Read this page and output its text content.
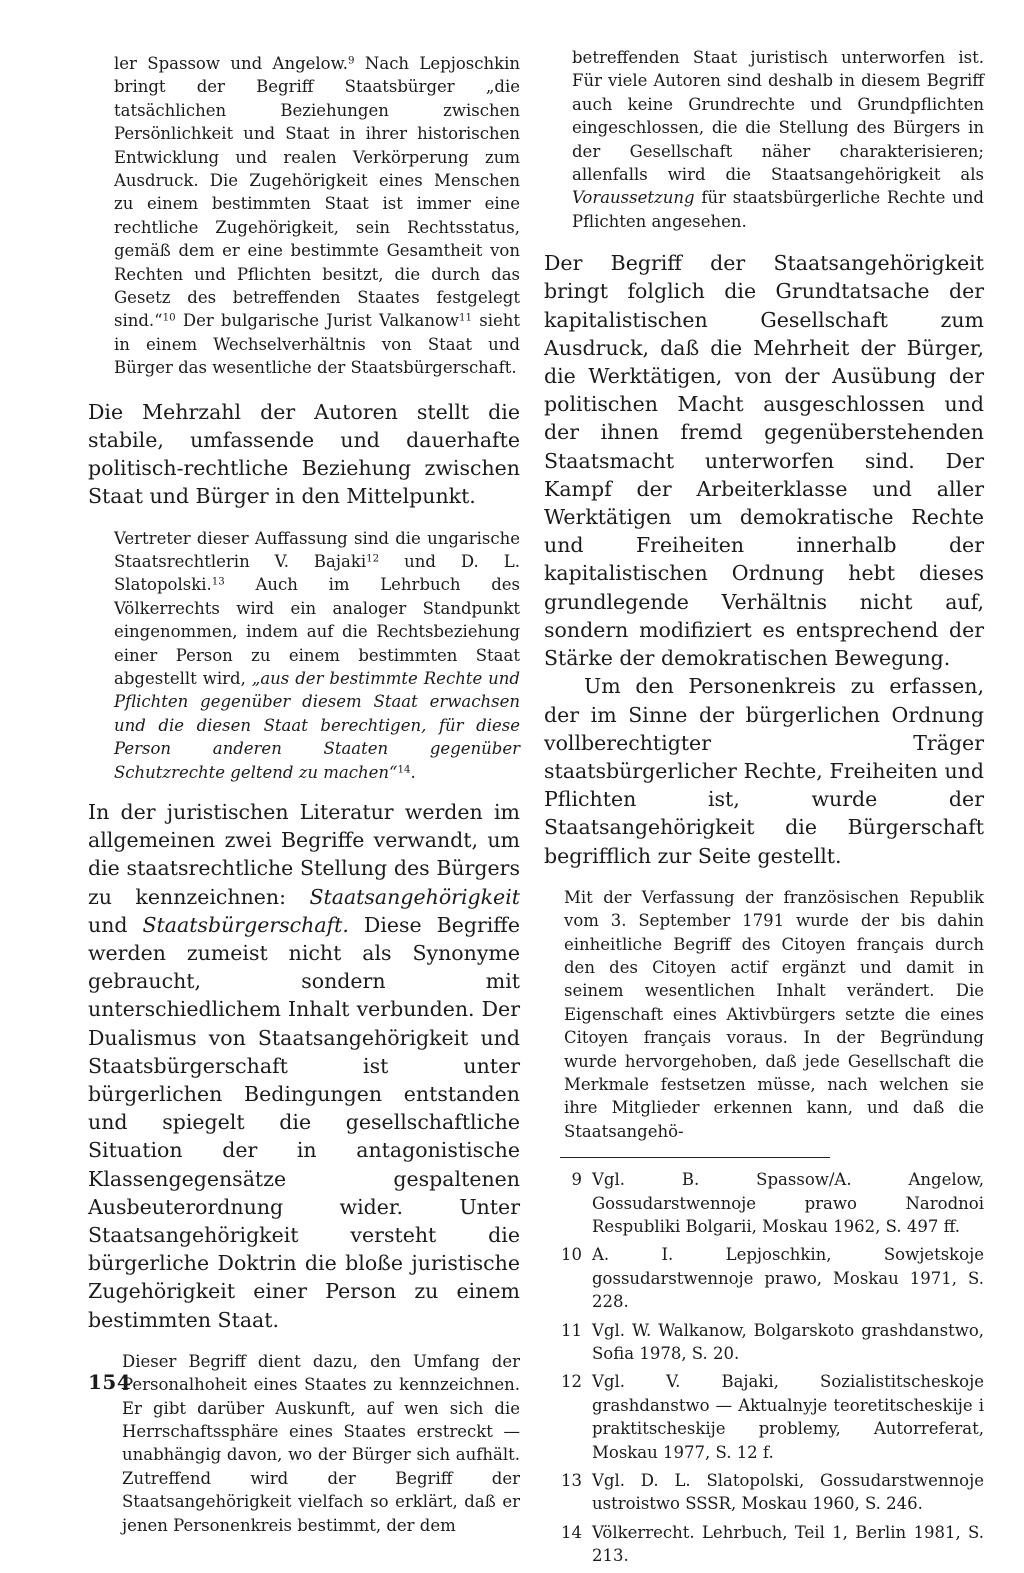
ler Spassow und Angelow.$^9$ Nach Lepjoschkin bringt der Begriff Staatsbürger „die tatsächlichen Beziehungen zwischen Persönlichkeit und Staat in ihrer historischen Entwicklung und realen Verkörperung zum Ausdruck. Die Zugehörigkeit eines Menschen zu einem bestimmten Staat ist immer eine rechtliche Zugehörigkeit, sein Rechtsstatus, gemäß dem er eine bestimmte Gesamtheit von Rechten und Pflichten besitzt, die durch das Gesetz des betreffenden Staates festgelegt sind.“$^{10}$ Der bulgarische Jurist Valkanow$^{11}$ sieht in einem Wechselverhältnis von Staat und Bürger das wesentliche der Staatsbürgerschaft.

Die Mehrzahl der Autoren stellt die stabile, umfassende und dauerhafte politisch-rechtliche Beziehung zwischen Staat und Bürger in den Mittelpunkt.

Vertreter dieser Auffassung sind die ungarische Staatsrechtlerin V. Bajaki$^{12}$ und D. L. Slatopolski.$^{13}$ Auch im Lehrbuch des Völkerrechts wird ein analoger Standpunkt eingenommen, indem auf die Rechtsbeziehung einer Person zu einem bestimmten Staat abgestellt wird, „aus der bestimmte Rechte und Pflichten gegenüber diesem Staat erwachsen und die diesen Staat berechtigen, für diese Person anderen Staaten gegenüber Schutzrechte geltend zu machen“$^{14}$.

In der juristischen Literatur werden im allgemeinen zwei Begriffe verwandt, um die staatsrechtliche Stellung des Bürgers zu kennzeichnen: Staatsangehörigkeit und Staatsbürgerschaft. Diese Begriffe werden zumeist nicht als Synonyme gebraucht, sondern mit unterschiedlichem Inhalt verbunden. Der Dualismus von Staatsangehörigkeit und Staatsbürgerschaft ist unter bürgerlichen Bedingungen entstanden und spiegelt die gesellschaftliche Situation der in antagonistische Klassengegensätze gespaltenen Ausbeuterordnung wider. Unter Staatsangehörigkeit versteht die bürgerliche Doktrin die bloße juristische Zugehörigkeit einer Person zu einem bestimmten Staat.

Dieser Begriff dient dazu, den Umfang der Personalhoheit eines Staates zu kennzeichnen. Er gibt darüber Auskunft, auf wen sich die Herrschaftssphäre eines Staates erstreckt — unabhängig davon, wo der Bürger sich aufhält. Zutreffend wird der Begriff der Staatsangehörigkeit vielfach so erklärt, daß er jenen Personenkreis bestimmt, der dem

betreffenden Staat juristisch unterworfen ist. Für viele Autoren sind deshalb in diesem Begriff auch keine Grundrechte und Grundpflichten eingeschlossen, die die Stellung des Bürgers in der Gesellschaft näher charakterisieren; allenfalls wird die Staatsangehörigkeit als Voraussetzung für staatsbürgerliche Rechte und Pflichten angesehen.

Der Begriff der Staatsangehörigkeit bringt folglich die Grundtatsache der kapitalistischen Gesellschaft zum Ausdruck, daß die Mehrheit der Bürger, die Werktätigen, von der Ausübung der politischen Macht ausgeschlossen und der ihnen fremd gegenüberstehenden Staatsmacht unterworfen sind. Der Kampf der Arbeiterklasse und aller Werktätigen um demokratische Rechte und Freiheiten innerhalb der kapitalistischen Ordnung hebt dieses grundlegende Verhältnis nicht auf, sondern modifiziert es entsprechend der Stärke der demokratischen Bewegung.

Um den Personenkreis zu erfassen, der im Sinne der bürgerlichen Ordnung vollberechtigter Träger staatsbürgerlicher Rechte, Freiheiten und Pflichten ist, wurde der Staatsangehörigkeit die Bürgerschaft begrifflich zur Seite gestellt.

Mit der Verfassung der französischen Republik vom 3. September 1791 wurde der bis dahin einheitliche Begriff des Citoyen français durch den des Citoyen actif ergänzt und damit in seinem wesentlichen Inhalt verändert. Die Eigenschaft eines Aktivbürgers setzte die eines Citoyen français voraus. In der Begründung wurde hervorgehoben, daß jede Gesellschaft die Merkmale festsetzen müsse, nach welchen sie ihre Mitglieder erkennen kann, und daß die Staatsangehö-

9 Vgl. B. Spassow/A. Angelow, Gossudarstwennoje prawo Narodnoi Respubliki Bolgarii, Moskau 1962, S. 497 ff.
10 A. I. Lepjoschkin, Sowjetskoje gossudarstwennoje prawo, Moskau 1971, S. 228.
11 Vgl. W. Walkanow, Bolgarskoto grashdanstwo, Sofia 1978, S. 20.
12 Vgl. V. Bajaki, Sozialistitscheskoje grashdanstwo — Aktualnyje teoretitscheskije i praktitscheskije problemy, Autorreferat, Moskau 1977, S. 12 f.
13 Vgl. D. L. Slatopolski, Gossudarstwennoje ustroistwo SSSR, Moskau 1960, S. 246.
14 Völkerrecht. Lehrbuch, Teil 1, Berlin 1981, S. 213.
154
